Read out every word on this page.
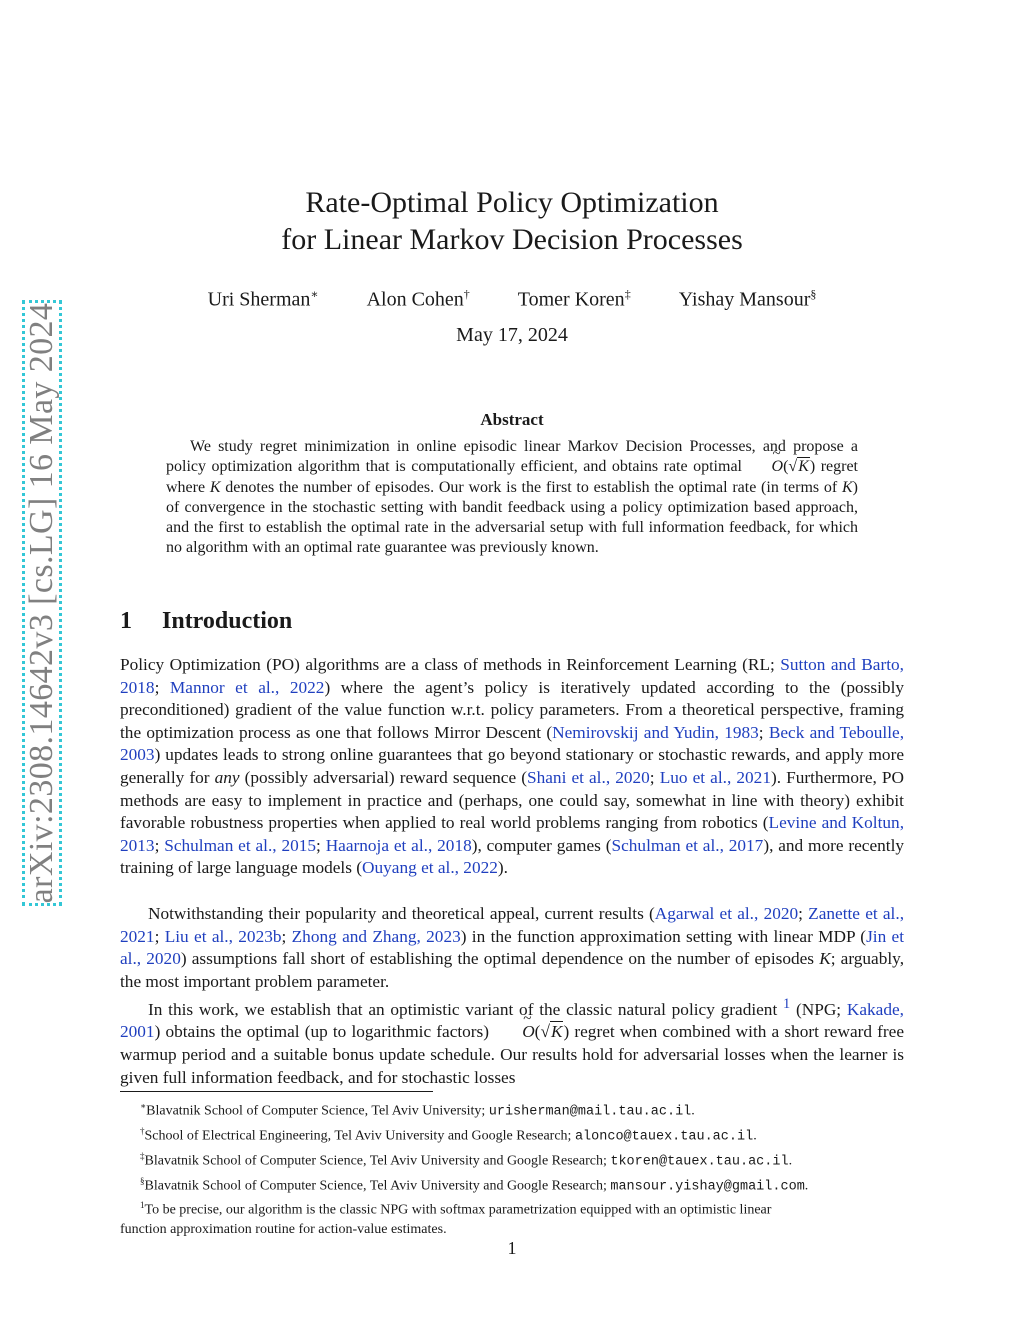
arXiv:2308.14642v3 [cs.LG] 16 May 2024
Rate-Optimal Policy Optimization
for Linear Markov Decision Processes
Uri Sherman∗ Alon Cohen† Tomer Koren‡ Yishay Mansour§
May 17, 2024
Abstract
We study regret minimization in online episodic linear Markov Decision Processes, and propose a policy optimization algorithm that is computationally efficient, and obtains rate optimal ~ O(√K) regret where K denotes the number of episodes. Our work is the first to establish the optimal rate (in terms of K) of convergence in the stochastic setting with bandit feedback using a policy optimization based approach, and the first to establish the optimal rate in the adversarial setup with full information feedback, for which no algorithm with an optimal rate guarantee was previously known.
1 Introduction
Policy Optimization (PO) algorithms are a class of methods in Reinforcement Learning (RL; Sutton and Barto, 2018; Mannor et al., 2022) where the agent’s policy is iteratively updated according to the (possibly preconditioned) gradient of the value function w.r.t. policy parameters. From a theoretical perspective, framing the optimization process as one that follows Mirror Descent (Nemirovskij and Yudin, 1983; Beck and Teboulle, 2003) updates leads to strong online guarantees that go beyond stationary or stochastic rewards, and apply more generally for any (possibly adversarial) reward sequence (Shani et al., 2020; Luo et al., 2021). Furthermore, PO methods are easy to implement in practice and (perhaps, one could say, somewhat in line with theory) exhibit favorable robustness properties when applied to real world problems ranging from robotics (Levine and Koltun, 2013; Schulman et al., 2015; Haarnoja et al., 2018), computer games (Schulman et al., 2017), and more recently training of large language models (Ouyang et al., 2022).
Notwithstanding their popularity and theoretical appeal, current results (Agarwal et al., 2020; Zanette et al., 2021; Liu et al., 2023b; Zhong and Zhang, 2023) in the function approximation setting with linear MDP (Jin et al., 2020) assumptions fall short of establishing the optimal dependence on the number of episodes K; arguably, the most important problem parameter.
In this work, we establish that an optimistic variant of the classic natural policy gradient $^1$ (NPG; Kakade, 2001) obtains the optimal (up to logarithmic factors) ~ O(√K) regret when combined with a short reward free warmup period and a suitable bonus update schedule. Our results hold for adversarial losses when the learner is given full information feedback, and for stochastic losses
∗Blavatnik School of Computer Science, Tel Aviv University; urisherman@mail.tau.ac.il.
†School of Electrical Engineering, Tel Aviv University and Google Research; alonco@tauex.tau.ac.il.
‡Blavatnik School of Computer Science, Tel Aviv University and Google Research; tkoren@tauex.tau.ac.il.
§Blavatnik School of Computer Science, Tel Aviv University and Google Research; mansour.yishay@gmail.com.
$^1$To be precise, our algorithm is the classic NPG with softmax parametrization equipped with an optimistic linear
function approximation routine for action-value estimates.
1
